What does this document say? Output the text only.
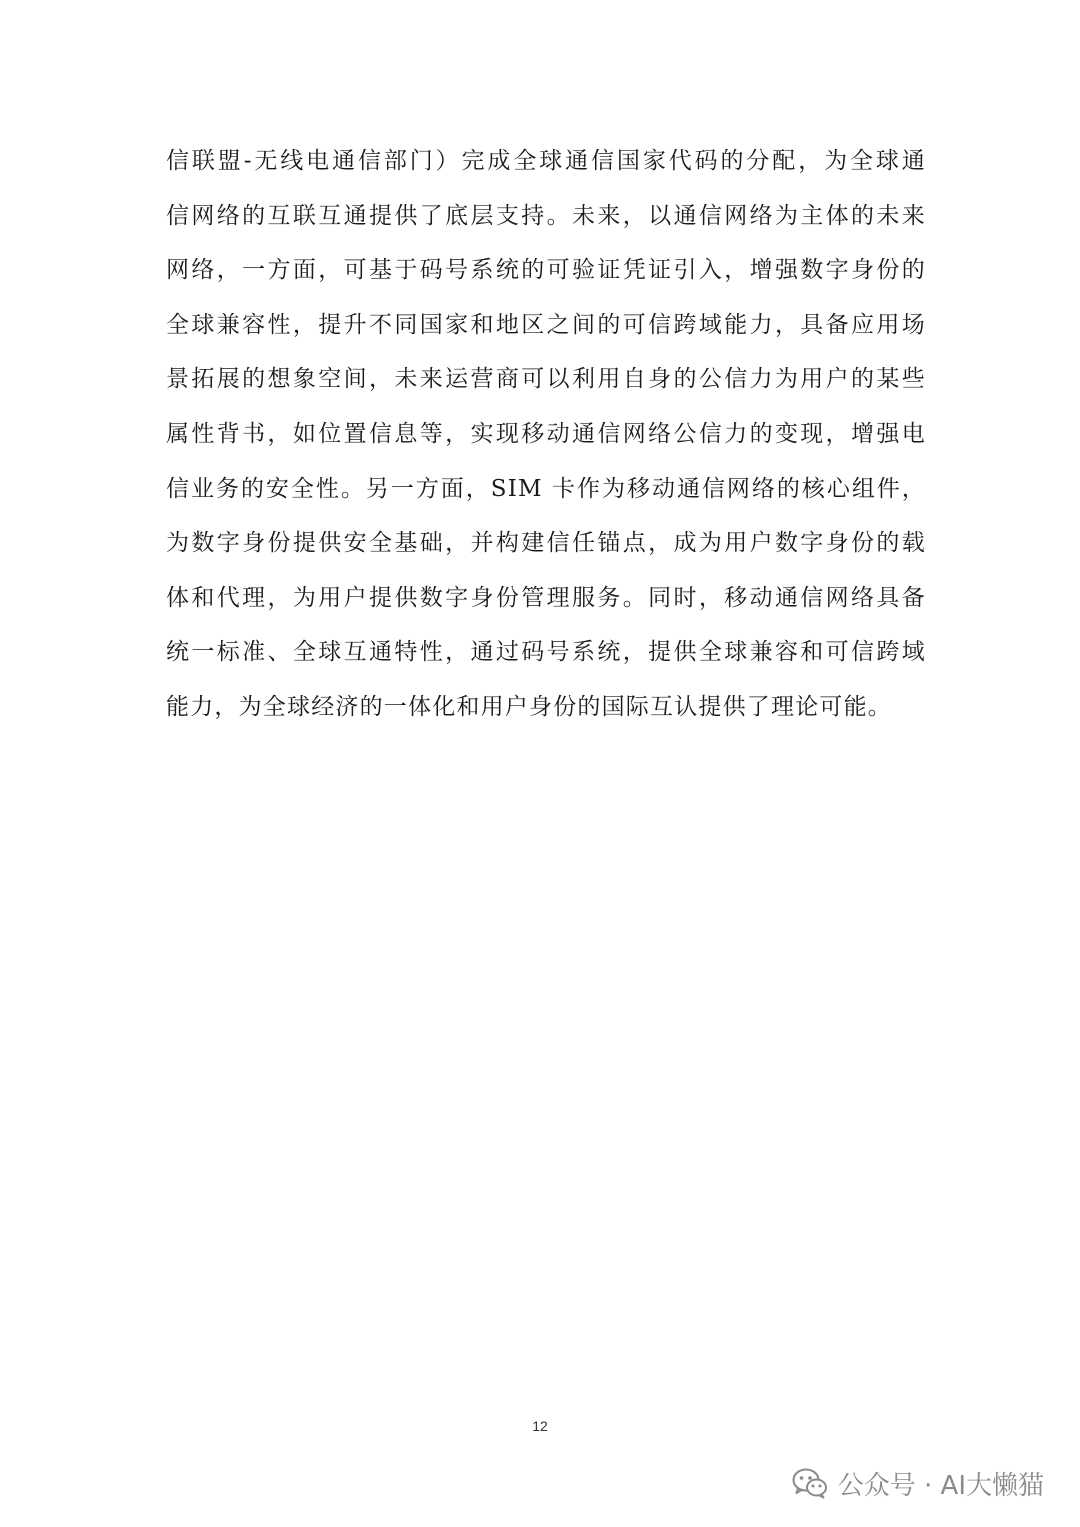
信联盟-无线电通信部门）完成全球通信国家代码的分配，为全球通
信网络的互联互通提供了底层支持。未来，以通信网络为主体的未来
网络，一方面，可基于码号系统的可验证凭证引入，增强数字身份的
全球兼容性，提升不同国家和地区之间的可信跨域能力，具备应用场
景拓展的想象空间，未来运营商可以利用自身的公信力为用户的某些
属性背书，如位置信息等，实现移动通信网络公信力的变现，增强电
信业务的安全性。另一方面，SIM 卡作为移动通信网络的核心组件，
为数字身份提供安全基础，并构建信任锚点，成为用户数字身份的载
体和代理，为用户提供数字身份管理服务。同时，移动通信网络具备
统一标准、全球互通特性，通过码号系统，提供全球兼容和可信跨域
能力，为全球经济的一体化和用户身份的国际互认提供了理论可能。
12
公众号 · AI大懒猫
